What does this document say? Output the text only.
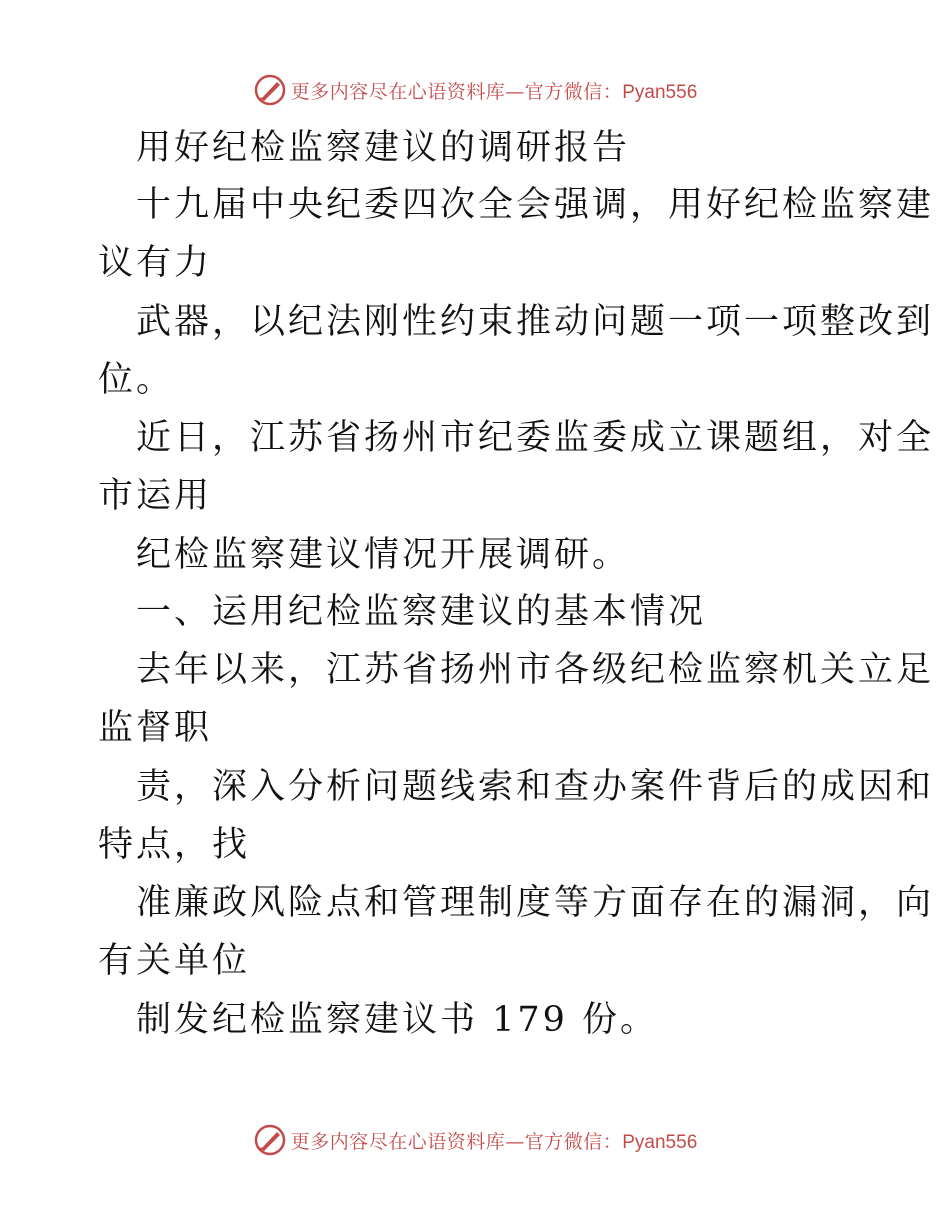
更多内容尽在心语资料库—官方微信：Pyan556
用好纪检监察建议的调研报告

十九届中央纪委四次全会强调，用好纪检监察建

议有力

武器，以纪法刚性约束推动问题一项一项整改到

位。

近日，江苏省扬州市纪委监委成立课题组，对全

市运用

纪检监察建议情况开展调研。

一、运用纪检监察建议的基本情况

去年以来，江苏省扬州市各级纪检监察机关立足

监督职

责，深入分析问题线索和查办案件背后的成因和

特点，找

准廉政风险点和管理制度等方面存在的漏洞，向

有关单位

制发纪检监察建议书 179 份。

更多内容尽在心语资料库—官方微信：Pyan556
